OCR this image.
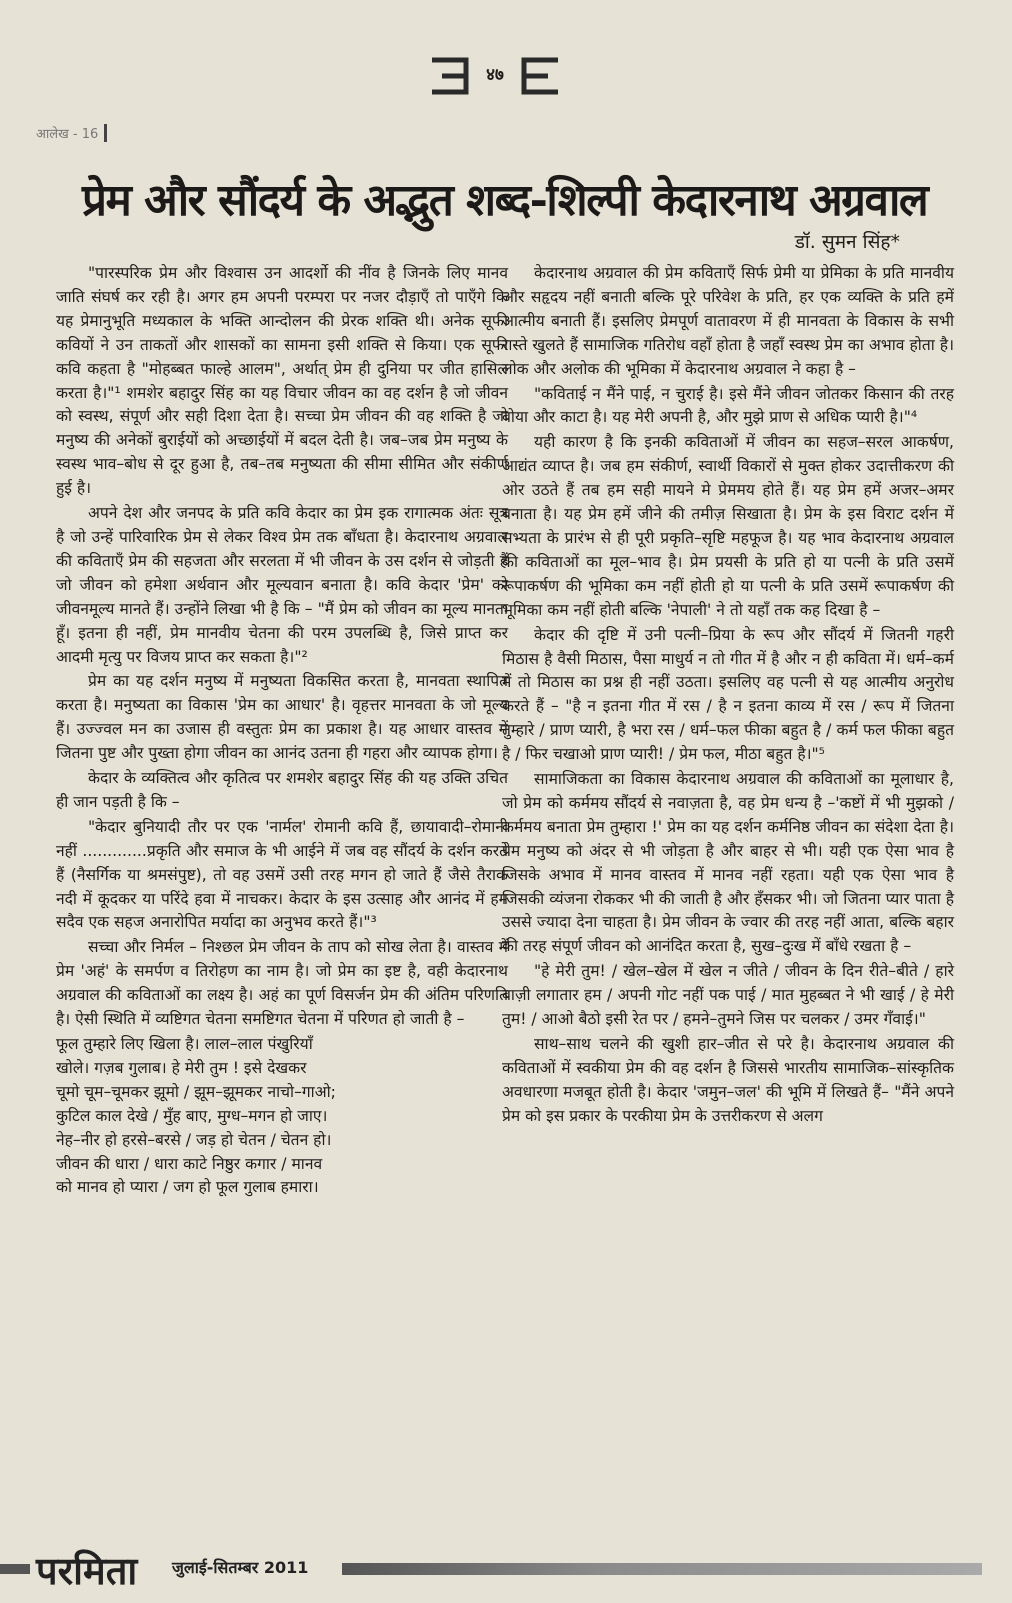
४७
आलेख - 16
प्रेम और सौंदर्य के अद्भुत शब्द-शिल्पी केदारनाथ अग्रवाल
डॉ. सुमन सिंह*

"पारस्परिक प्रेम और विश्वास उन आदर्शो की नींव है जिनके लिए मानव जाति संघर्ष कर रही है। अगर हम अपनी परम्परा पर नजर दौड़ाएँ तो पाएँगे कि यह प्रेमानुभूति मध्यकाल के भक्ति आन्दोलन की प्रेरक शक्ति थी। अनेक सूफी कवियों ने उन ताकतों और शासकों का सामना इसी शक्ति से किया। एक सूफी कवि कहता है "मोहब्बत फाल्हे आलम", अर्थात् प्रेम ही दुनिया पर जीत हासिल करता है।"¹ शमशेर बहादुर सिंह का यह विचार जीवन का वह दर्शन है जो जीवन को स्वस्थ, संपूर्ण और सही दिशा देता है। सच्चा प्रेम जीवन की वह शक्ति है जो मनुष्य की अनेकों बुराईयों को अच्छाईयों में बदल देती है। जब–जब प्रेम मनुष्य के स्वस्थ भाव–बोध से दूर हुआ है, तब–तब मनुष्यता की सीमा सीमित और संकीर्ण हुई है।

अपने देश और जनपद के प्रति कवि केदार का प्रेम इक रागात्मक अंतः सूत्र है जो उन्हें पारिवारिक प्रेम से लेकर विश्व प्रेम तक बाँधता है। केदारनाथ अग्रवाल की कविताएँ प्रेम की सहजता और सरलता में भी जीवन के उस दर्शन से जोड़ती हैं जो जीवन को हमेशा अर्थवान और मूल्यवान बनाता है। कवि केदार 'प्रेम' को जीवनमूल्य मानते हैं। उन्होंने लिखा भी है कि – "मैं प्रेम को जीवन का मूल्य मानता हूँ। इतना ही नहीं, प्रेम मानवीय चेतना की परम उपलब्धि है, जिसे प्राप्त कर आदमी मृत्यु पर विजय प्राप्त कर सकता है।"²

प्रेम का यह दर्शन मनुष्य में मनुष्यता विकसित करता है, मानवता स्थापित करता है। मनुष्यता का विकास 'प्रेम का आधार' है। वृहत्तर मानवता के जो मूल्य हैं। उज्ज्वल मन का उजास ही वस्तुतः प्रेम का प्रकाश है। यह आधार वास्तव में जितना पुष्ट और पुख्ता होगा जीवन का आनंद उतना ही गहरा और व्यापक होगा।

केदार के व्यक्तित्व और कृतित्व पर शमशेर बहादुर सिंह की यह उक्ति उचित ही जान पड़ती है कि –

"केदार बुनियादी तौर पर एक 'नार्मल' रोमानी कवि हैं, छायावादी–रोमानी नहीं .............प्रकृति और समाज के भी आईने में जब वह सौंदर्य के दर्शन करते हैं (नैसर्गिक या श्रमसंपुष्ट), तो वह उसमें उसी तरह मगन हो जाते हैं जैसे तैराक नदी में कूदकर या परिंदे हवा में नाचकर। केदार के इस उत्साह और आनंद में हम सदैव एक सहज अनारोपित मर्यादा का अनुभव करते हैं।"³

सच्चा और निर्मल – निश्छल प्रेम जीवन के ताप को सोख लेता है। वास्तव में प्रेम 'अहं' के समर्पण व तिरोहण का नाम है। जो प्रेम का इष्ट है, वही केदारनाथ अग्रवाल की कविताओं का लक्ष्य है। अहं का पूर्ण विसर्जन प्रेम की अंतिम परिणति है। ऐसी स्थिति में व्यष्टिगत चेतना समष्टिगत चेतना में परिणत हो जाती है –

फूल तुम्हारे लिए खिला है। लाल–लाल पंखुरियाँ
खोले। गज़ब गुलाब। हे मेरी तुम ! इसे देखकर
चूमो चूम–चूमकर झूमो / झूम–झूमकर नाचो–गाओ;
कुटिल काल देखे / मुँह बाए, मुग्ध–मगन हो जाए।
नेह–नीर हो हरसे–बरसे / जड़ हो चेतन / चेतन हो।
जीवन की धारा / धारा काटे निष्ठुर कगार / मानव
को मानव हो प्यारा / जग हो फूल गुलाब हमारा।

केदारनाथ अग्रवाल की प्रेम कविताएँ सिर्फ प्रेमी या प्रेमिका के प्रति मानवीय और सहृदय नहीं बनाती बल्कि पूरे परिवेश के प्रति, हर एक व्यक्ति के प्रति हमें आत्मीय बनाती हैं। इसलिए प्रेमपूर्ण वातावरण में ही मानवता के विकास के सभी रास्ते खुलते हैं सामाजिक गतिरोध वहाँ होता है जहाँ स्वस्थ प्रेम का अभाव होता है। लोक और अलोक की भूमिका में केदारनाथ अग्रवाल ने कहा है –

"कविताई न मैंने पाई, न चुराई है। इसे मैंने जीवन जोतकर किसान की तरह बोया और काटा है। यह मेरी अपनी है, और मुझे प्राण से अधिक प्यारी है।"⁴

यही कारण है कि इनकी कविताओं में जीवन का सहज–सरल आकर्षण, आद्यंत व्याप्त है। जब हम संकीर्ण, स्वार्थी विकारों से मुक्त होकर उदात्तीकरण की ओर उठते हैं तब हम सही मायने मे प्रेममय होते हैं। यह प्रेम हमें अजर–अमर बनाता है। यह प्रेम हमें जीने की तमीज़ सिखाता है। प्रेम के इस विराट दर्शन में सभ्यता के प्रारंभ से ही पूरी प्रकृति–सृष्टि महफूज है। यह भाव केदारनाथ अग्रवाल की कविताओं का मूल–भाव है। प्रेम प्रयसी के प्रति हो या पत्नी के प्रति उसमें रूपाकर्षण की भूमिका कम नहीं होती हो या पत्नी के प्रति उसमें रूपाकर्षण की भूमिका कम नहीं होती बल्कि 'नेपाली' ने तो यहाँ तक कह दिखा है –

केदार की दृष्टि में उनी पत्नी–प्रिया के रूप और सौंदर्य में जितनी गहरी मिठास है वैसी मिठास, पैसा माधुर्य न तो गीत में है और न ही कविता में। धर्म–कर्म में तो मिठास का प्रश्न ही नहीं उठता। इसलिए वह पत्नी से यह आत्मीय अनुरोध करते हैं – "है न इतना गीत में रस / है न इतना काव्य में रस / रूप में जितना तुम्हारे / प्राण प्यारी, है भरा रस / धर्म–फल फीका बहुत है / कर्म फल फीका बहुत है / फिर चखाओ प्राण प्यारी! / प्रेम फल, मीठा बहुत है।"⁵

सामाजिकता का विकास केदारनाथ अग्रवाल की कविताओं का मूलाधार है, जो प्रेम को कर्ममय सौंदर्य से नवाज़ता है, वह प्रेम धन्य है –'कष्टों में भी मुझको / कर्ममय बनाता प्रेम तुम्हारा !' प्रेम का यह दर्शन कर्मनिष्ठ जीवन का संदेशा देता है। प्रेम मनुष्य को अंदर से भी जोड़ता है और बाहर से भी। यही एक ऐसा भाव है जिसके अभाव में मानव वास्तव में मानव नहीं रहता। यही एक ऐसा भाव है जिसकी व्यंजना रोककर भी की जाती है और हँसकर भी। जो जितना प्यार पाता है उससे ज्यादा देना चाहता है। प्रेम जीवन के ज्वार की तरह नहीं आता, बल्कि बहार की तरह संपूर्ण जीवन को आनंदित करता है, सुख–दुःख में बाँधे रखता है –

"हे मेरी तुम! / खेल–खेल में खेल न जीते / जीवन के दिन रीते–बीते / हारे बाज़ी लगातार हम / अपनी गोट नहीं पक पाई / मात मुहब्बत ने भी खाई / हे मेरी तुम! / आओ बैठो इसी रेत पर / हमने–तुमने जिस पर चलकर / उमर गँवाई।"

साथ–साथ चलने की खुशी हार–जीत से परे है। केदारनाथ अग्रवाल की कविताओं में स्वकीया प्रेम की वह दर्शन है जिससे भारतीय सामाजिक–सांस्कृतिक अवधारणा मजबूत होती है। केदार 'जमुन–जल' की भूमि में लिखते हैं– "मैंने अपने प्रेम को इस प्रकार के परकीया प्रेम के उत्तरीकरण से अलग

परमिता जुलाई-सितम्बर 2011
